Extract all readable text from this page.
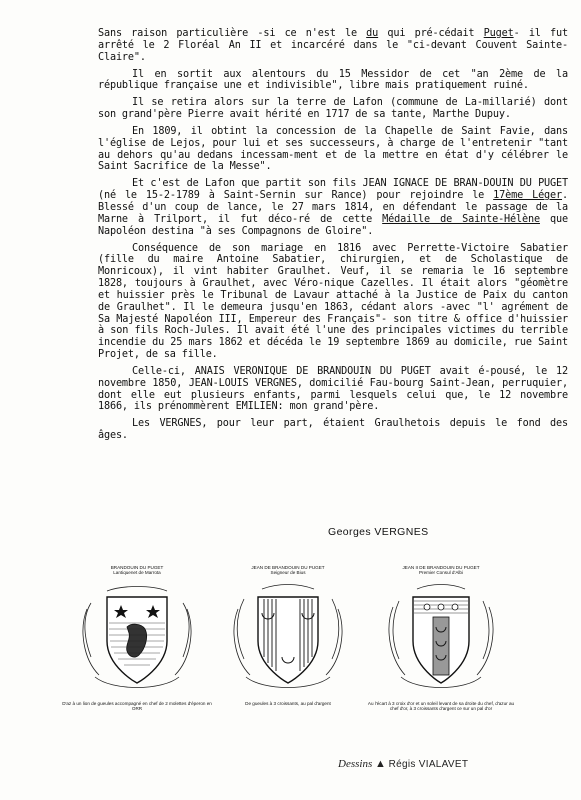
Sans raison particulière -si ce n'est le du qui pré-cédait Puget- il fut arrêté le 2 Floréal An II et incarcéré dans le "ci-devant Couvent Sainte-Claire".

Il en sortit aux alentours du 15 Messidor de cet "an 2ème de la république française une et indivisible", libre mais pratiquement ruiné.

Il se retira alors sur la terre de Lafon (commune de La-millarié) dont son grand'père Pierre avait hérité en 1717 de sa tante, Marthe Dupuy.

En 1809, il obtint la concession de la Chapelle de Saint Favie, dans l'église de Lejos, pour lui et ses successeurs, à charge de l'entretenir "tant au dehors qu'au dedans incessam-ment et de la mettre en état d'y célébrer le Saint Sacrifice de la Messe".

Et c'est de Lafon que partit son fils JEAN IGNACE DE BRAN-DOUIN DU PUGET (né le 15-2-1789 à Saint-Sernin sur Rance) pour rejoindre le 17ème Léger. Blessé d'un coup de lance, le 27 mars 1814, en défendant le passage de la Marne à Trilport, il fut déco-ré de cette Médaille de Sainte-Hélène que Napoléon destina "à ses Compagnons de Gloire".

Conséquence de son mariage en 1816 avec Perrette-Victoire Sabatier (fille du maire Antoine Sabatier, chirurgien, et de Scholastique de Monricoux), il vint habiter Graulhet. Veuf, il se remaria le 16 septembre 1828, toujours à Graulhet, avec Véro-nique Cazelles. Il était alors "géomètre et huissier près le Tribunal de Lavaur attaché à la Justice de Paix du canton de Graulhet". Il le demeura jusqu'en 1863, cédant alors -avec "l' agrément de Sa Majesté Napoléon III, Empereur des Français"- son titre & office d'huissier à son fils Roch-Jules. Il avait été l'une des principales victimes du terrible incendie du 25 mars 1862 et décéda le 19 septembre 1869 au domicile, rue Saint Projet, de sa fille.

Celle-ci, ANAIS VERONIQUE DE BRANDOUIN DU PUGET avait é-pousé, le 12 novembre 1850, JEAN-LOUIS VERGNES, domicilié Fau-bourg Saint-Jean, perruquier, dont elle eut plusieurs enfants, parmi lesquels celui que, le 12 novembre 1866, ils prénommèrent EMILIEN: mon grand'père.

Les VERGNES, pour leur part, étaient Graulhetois depuis le fond des âges.

Georges VERGNES
BRANDOUIN DU PUGET
Lantiquenet de Marrota
D'az à un lion de gueules accompagné en chef de 2 molettes d'éperon en ORR
JEAN DE BRANDOUIN DU PUGET
Seigneur de Bius
De gueules à 3 croissants, au pal d'argent
JEAN II DE BRANDOUIN DU PUGET
Premier Consul d'Albi
Au l'écart à 3 croix d'or et un soleil levant de sa droite du chef, d'azur au chef d'or, à 3 croissants d'argent ce sur un pal d'or
Dessins ▲ Régis VIALAVET
